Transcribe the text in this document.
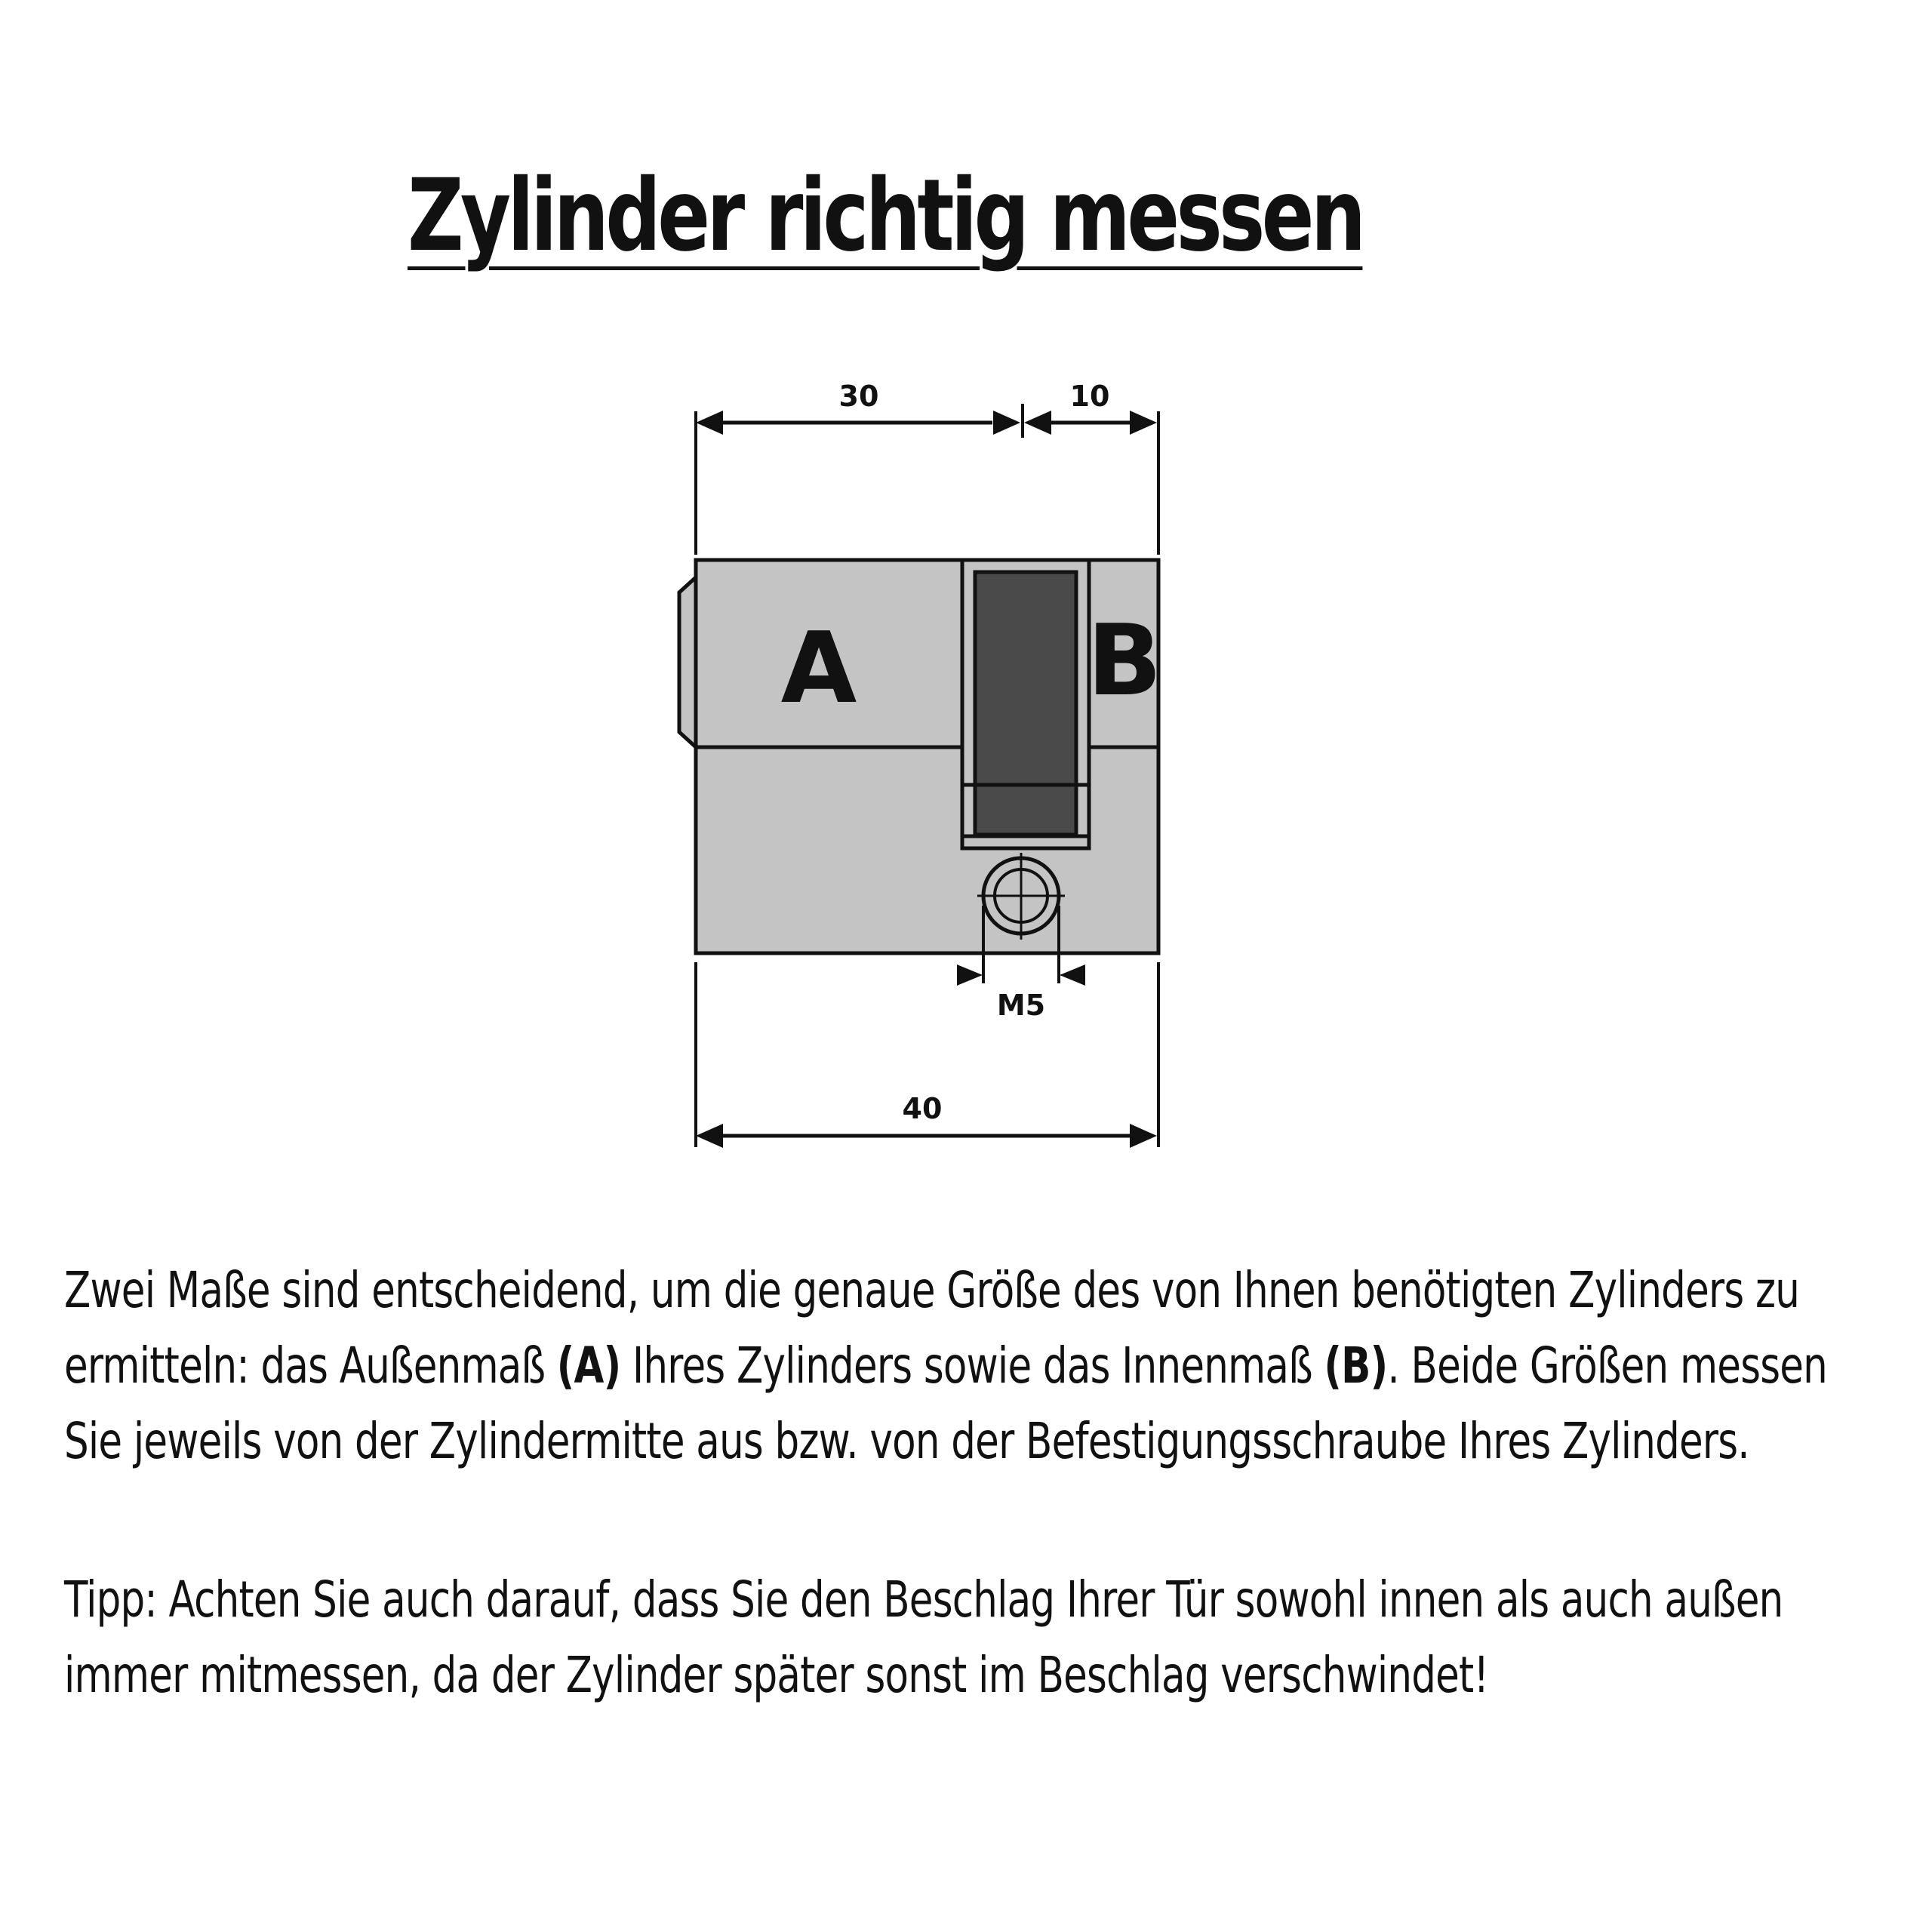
Zylinder richtig messen
30	10
A B
M5
40

Zwei Maße sind entscheidend, um die genaue Größe des von Ihnen benötigten Zylinders zu
ermitteln: das Außenmaß (A) Ihres Zylinders sowie das Innenmaß (B). Beide Größen messen
Sie jeweils von der Zylindermitte aus bzw. von der Befestigungsschraube Ihres Zylinders.

Tipp: Achten Sie auch darauf, dass Sie den Beschlag Ihrer Tür sowohl innen als auch außen
immer mitmessen, da der Zylinder später sonst im Beschlag verschwindet!
